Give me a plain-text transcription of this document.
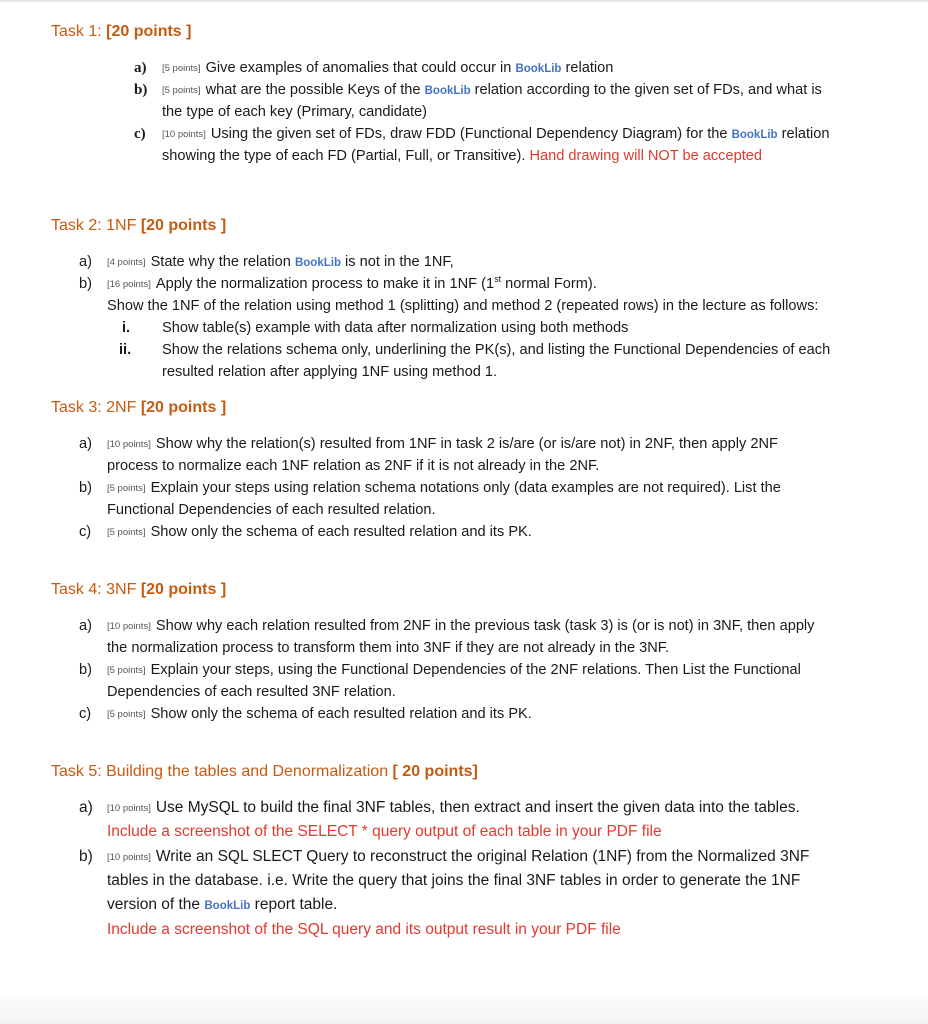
Task 1: [20 points ]
a) [5 points] Give examples of anomalies that could occur in BookLib relation
b) [5 points] what are the possible Keys of the BookLib relation according to the given set of FDs, and what is
the type of each key (Primary, candidate)
c) [10 points] Using the given set of FDs, draw FDD (Functional Dependency Diagram) for the BookLib relation
showing the type of each FD (Partial, Full, or Transitive). Hand drawing will NOT be accepted
Task 2: 1NF [20 points ]
a) [4 points] State why the relation BookLib is not in the 1NF,
b) [16 points] Apply the normalization process to make it in 1NF (1st normal Form).
Show the 1NF of the relation using method 1 (splitting) and method 2 (repeated rows) in the lecture as follows:
i. Show table(s) example with data after normalization using both methods
ii. Show the relations schema only, underlining the PK(s), and listing the Functional Dependencies of each
resulted relation after applying 1NF using method 1.
Task 3: 2NF [20 points ]
a) [10 points] Show why the relation(s) resulted from 1NF in task 2 is/are (or is/are not) in 2NF, then apply 2NF
process to normalize each 1NF relation as 2NF if it is not already in the 2NF.
b) [5 points] Explain your steps using relation schema notations only (data examples are not required). List the
Functional Dependencies of each resulted relation.
c) [5 points] Show only the schema of each resulted relation and its PK.
Task 4: 3NF [20 points ]
a) [10 points] Show why each relation resulted from 2NF in the previous task (task 3) is (or is not) in 3NF, then apply
the normalization process to transform them into 3NF if they are not already in the 3NF.
b) [5 points] Explain your steps, using the Functional Dependencies of the 2NF relations. Then List the Functional
Dependencies of each resulted 3NF relation.
c) [5 points] Show only the schema of each resulted relation and its PK.
Task 5: Building the tables and Denormalization [ 20 points]
a) [10 points] Use MySQL to build the final 3NF tables, then extract and insert the given data into the tables.
Include a screenshot of the SELECT * query output of each table in your PDF file
b) [10 points] Write an SQL SLECT Query to reconstruct the original Relation (1NF) from the Normalized 3NF
tables in the database. i.e. Write the query that joins the final 3NF tables in order to generate the 1NF
version of the BookLib report table.
Include a screenshot of the SQL query and its output result in your PDF file
